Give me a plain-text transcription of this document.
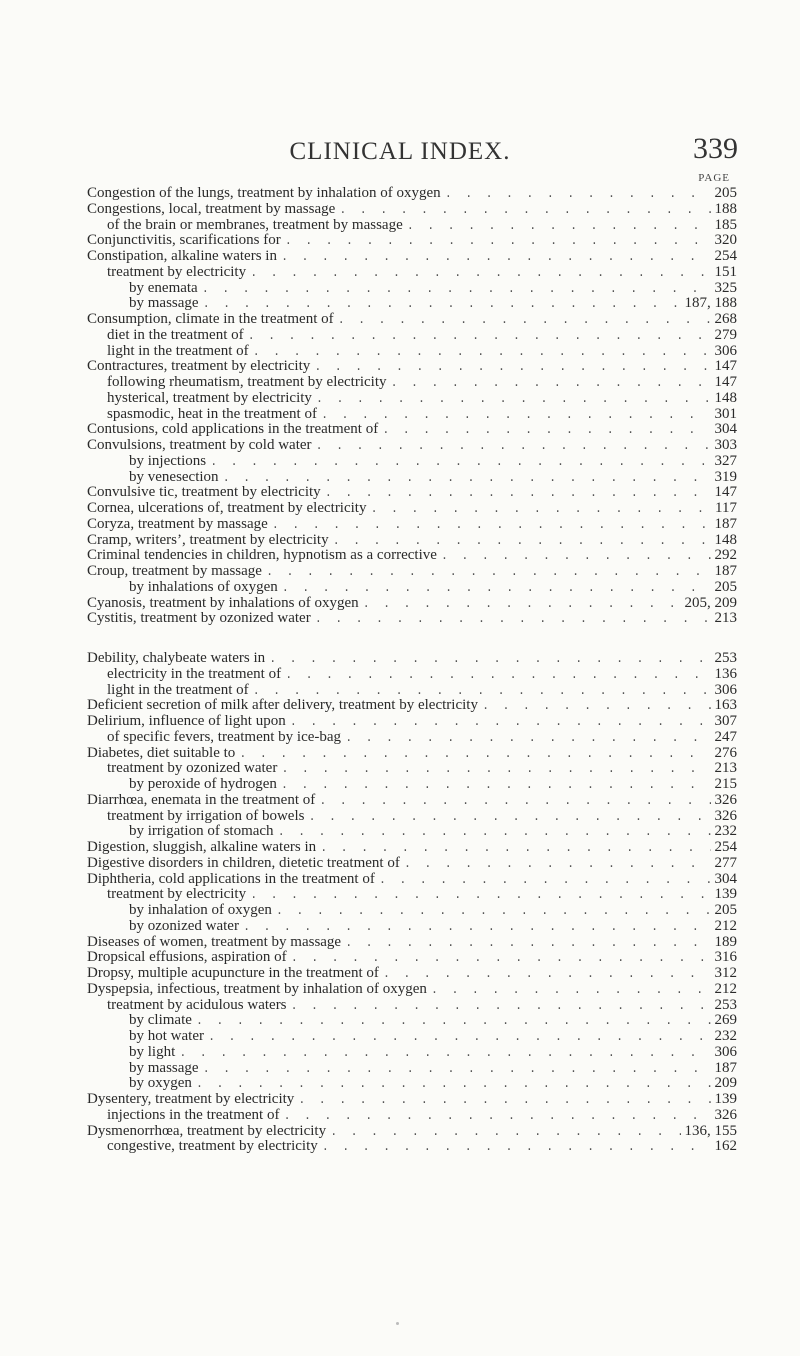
CLINICAL INDEX.	339
PAGE
Congestion of the lungs, treatment by inhalation of oxygen . . .	205
Congestions, local, treatment by massage . . .	188
of the brain or membranes, treatment by massage . . .	185
Conjunctivitis, scarifications for . . .	320
Constipation, alkaline waters in . . .	254
treatment by electricity . . .	151
by enemata . . .	325
by massage . . .	187, 188
Consumption, climate in the treatment of . . .	268
diet in the treatment of . . .	279
light in the treatment of . . .	306
Contractures, treatment by electricity . . .	147
following rheumatism, treatment by electricity . . .	147
hysterical, treatment by electricity . . .	148
spasmodic, heat in the treatment of . . .	301
Contusions, cold applications in the treatment of . . .	304
Convulsions, treatment by cold water . . .	303
by injections . . .	327
by venesection . . .	319
Convulsive tic, treatment by electricity . . .	147
Cornea, ulcerations of, treatment by electricity . . .	117
Coryza, treatment by massage . . .	187
Cramp, writers’, treatment by electricity . . .	148
Criminal tendencies in children, hypnotism as a corrective . . .	292
Croup, treatment by massage . . .	187
by inhalations of oxygen . . .	205
Cyanosis, treatment by inhalations of oxygen . . .	205, 209
Cystitis, treatment by ozonized water . . .	213
Debility, chalybeate waters in . . .	253
electricity in the treatment of . . .	136
light in the treatment of . . .	306
Deficient secretion of milk after delivery, treatment by electricity . . .	163
Delirium, influence of light upon . . .	307
of specific fevers, treatment by ice-bag . . .	247
Diabetes, diet suitable to . . .	276
treatment by ozonized water . . .	213
by peroxide of hydrogen . . .	215
Diarrhœa, enemata in the treatment of . . .	326
treatment by irrigation of bowels . . .	326
by irrigation of stomach . . .	232
Digestion, sluggish, alkaline waters in . . .	254
Digestive disorders in children, dietetic treatment of . . .	277
Diphtheria, cold applications in the treatment of . . .	304
treatment by electricity . . .	139
by inhalation of oxygen . . .	205
by ozonized water . . .	212
Diseases of women, treatment by massage . . .	189
Dropsical effusions, aspiration of . . .	316
Dropsy, multiple acupuncture in the treatment of . . .	312
Dyspepsia, infectious, treatment by inhalation of oxygen . . .	212
treatment by acidulous waters . . .	253
by climate . . .	269
by hot water . . .	232
by light . . .	306
by massage . . .	187
by oxygen . . .	209
Dysentery, treatment by electricity . . .	139
injections in the treatment of . . .	326
Dysmenorrhœa, treatment by electricity . . .	136, 155
congestive, treatment by electricity . . .	162
